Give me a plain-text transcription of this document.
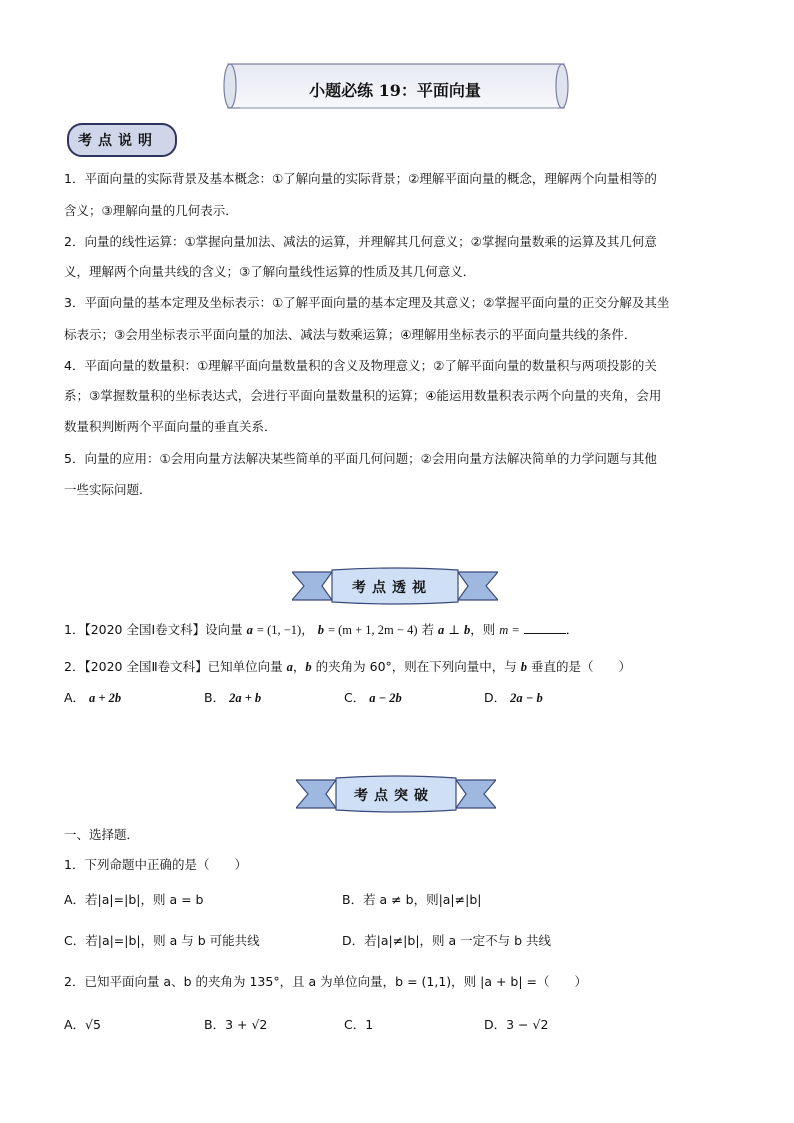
小题必练 19：平面向量
考点说明
1．平面向量的实际背景及基本概念：①了解向量的实际背景；②理解平面向量的概念，理解两个向量相等的
含义；③理解向量的几何表示．
2．向量的线性运算：①掌握向量加法、减法的运算，并理解其几何意义；②掌握向量数乘的运算及其几何意
义，理解两个向量共线的含义；③了解向量线性运算的性质及其几何意义．
3．平面向量的基本定理及坐标表示：①了解平面向量的基本定理及其意义；②掌握平面向量的正交分解及其坐
标表示；③会用坐标表示平面向量的加法、减法与数乘运算；④理解用坐标表示的平面向量共线的条件．
4．平面向量的数量积：①理解平面向量数量积的含义及物理意义；②了解平面向量的数量积与两项投影的关
系；③掌握数量积的坐标表达式，会进行平面向量数量积的运算；④能运用数量积表示两个向量的夹角，会用
数量积判断两个平面向量的垂直关系．
5．向量的应用：①会用向量方法解决某些简单的平面几何问题；②会用向量方法解决简单的力学问题与其他
一些实际问题．
考点透视
1．【2020 全国Ⅰ卷文科】设向量 a = (1, −1)， b = (m + 1, 2m − 4) 若 a ⊥ b，则 m =	．
2．【2020 全国Ⅱ卷文科】已知单位向量 a，b 的夹角为 60°，则在下列向量中，与 b 垂直的是（　　）
A． a + 2b	B． 2a + b	C． a − 2b	D． 2a − b
考点突破
一、选择题．
1．下列命题中正确的是（　　）
A．若|a|=|b|，则 a = b	B．若 a ≠ b，则|a|≠|b|
C．若|a|=|b|，则 a 与 b 可能共线	D．若|a|≠|b|，则 a 一定不与 b 共线
2．已知平面向量 a、b 的夹角为 135°，且 a 为单位向量，b = (1,1)，则 |a + b| =（　　）
A．√5	B．3 + √2	C．1	D．3 − √2
